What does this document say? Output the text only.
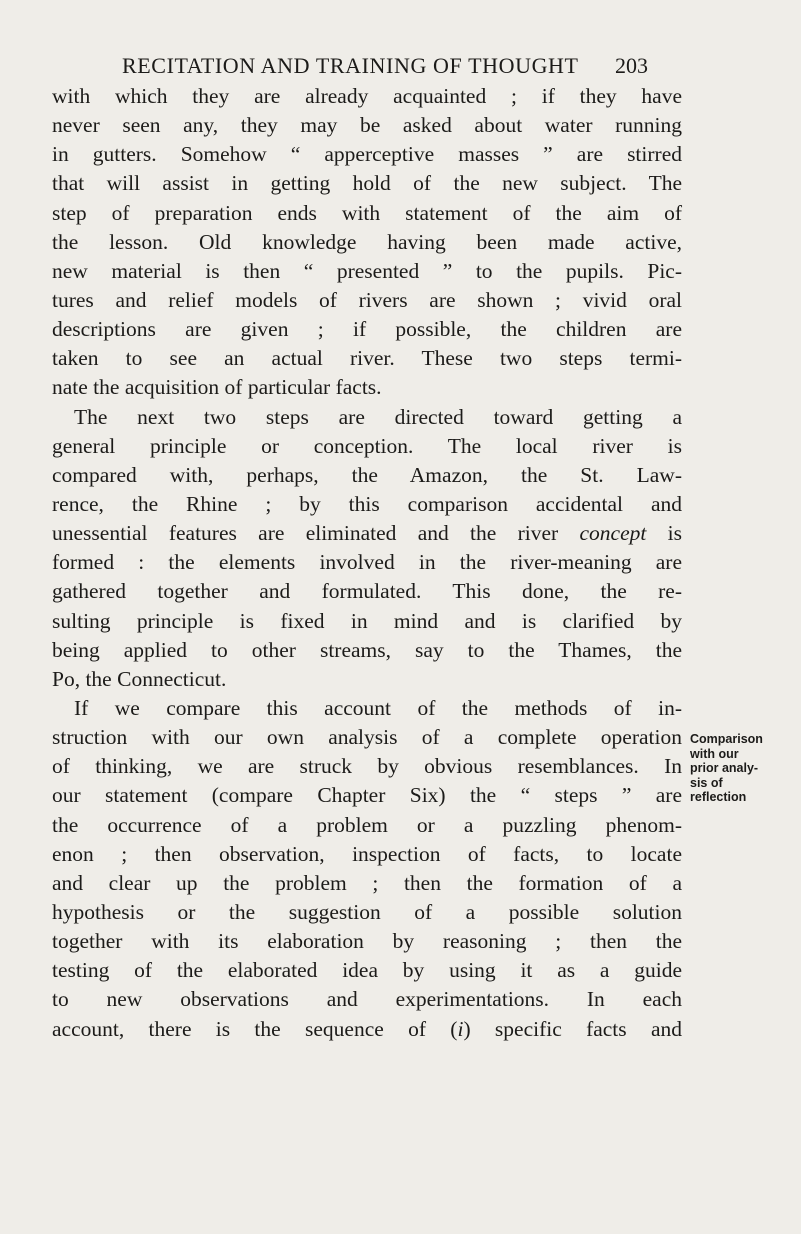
RECITATION AND TRAINING OF THOUGHT 203
with which they are already acquainted ; if they have
never seen any, they may be asked about water running
in gutters. Somehow “ apperceptive masses ” are stirred
that will assist in getting hold of the new subject. The
step of preparation ends with statement of the aim of
the lesson. Old knowledge having been made active,
new material is then “ presented ” to the pupils. Pic-
tures and relief models of rivers are shown ; vivid oral
descriptions are given ; if possible, the children are
taken to see an actual river. These two steps termi-
nate the acquisition of particular facts.
The next two steps are directed toward getting a
general principle or conception. The local river is
compared with, perhaps, the Amazon, the St. Law-
rence, the Rhine ; by this comparison accidental and
unessential features are eliminated and the river concept is
formed : the elements involved in the river-meaning are
gathered together and formulated. This done, the re-
sulting principle is fixed in mind and is clarified by
being applied to other streams, say to the Thames, the
Po, the Connecticut.
If we compare this account of the methods of in-
struction with our own analysis of a complete operation
of thinking, we are struck by obvious resemblances. In
our statement (compare Chapter Six) the “ steps ” are
the occurrence of a problem or a puzzling phenom-
enon ; then observation, inspection of facts, to locate
and clear up the problem ; then the formation of a
hypothesis or the suggestion of a possible solution
together with its elaboration by reasoning ; then the
testing of the elaborated idea by using it as a guide
to new observations and experimentations. In each
account, there is the sequence of (i) specific facts and
Comparison
with our
prior analy-
sis of
reflection
